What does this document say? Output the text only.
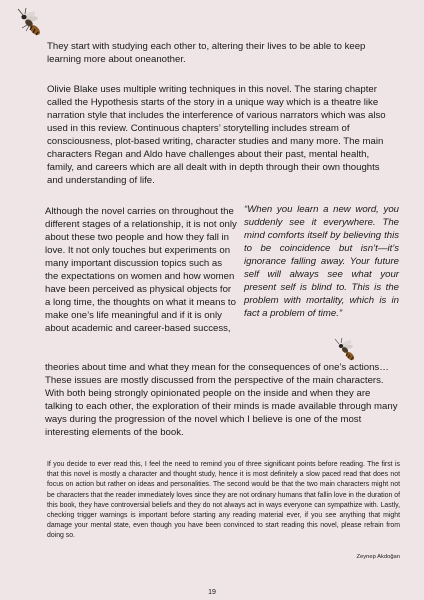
They start with studying each other to, altering their lives to be able to keep learning more about oneanother.

Olivie Blake uses multiple writing techniques in this novel. The staring chapter called the Hypothesis starts of the story in a unique way which is a theatre like narration style that includes the interference of various narrators which was also used in this review. Continuous chapters’ storytelling includes stream of consciousness, plot-based writing, character studies and many more. The main characters Regan and Aldo have challenges about their past, mental health, family, and careers which are all dealt with in depth through their own thoughts and understanding of life.

Although the novel carries on throughout the different stages of a relationship, it is not only about these two people and how they fall in love. It not only touches but experiments on many important discussion topics such as the expectations on women and how women have been perceived as physical objects for a long time, the thoughts on what it means to make one’s life meaningful and if it is only about academic and career-based success,

“When you learn a new word, you suddenly see it everywhere. The mind comforts itself by believing this to be coincidence but isn’t—it’s ignorance falling away. Your future self will always see what your present self is blind to. This is the problem with mortality, which is in fact a problem of time.”

theories about time and what they mean for the consequences of one’s actions… These issues are mostly discussed from the perspective of the main characters. With both being strongly opinionated people on the inside and when they are talking to each other, the exploration of their minds is made available through many ways during the progression of the novel which I believe is one of the most interesting elements of the book.

If you decide to ever read this, I feel the need to remind you of three significant points before reading. The first is that this novel is mostly a character and thought study, hence it is most definitely a slow paced read that does not focus on action but rather on ideas and personalities. The second would be that the two main characters might not be characters that the reader immediately loves since they are not ordinary humans that fallin love in the duration of this book, they have controversial beliefs and they do not always act in ways everyone can sympathize with. Lastly, checking trigger warnings is important before starting any reading material ever, if you see anything that might damage your mental state, even though you have been convinced to start reading this novel, please refrain from doing so.

Zeynep Akdoğan
19
